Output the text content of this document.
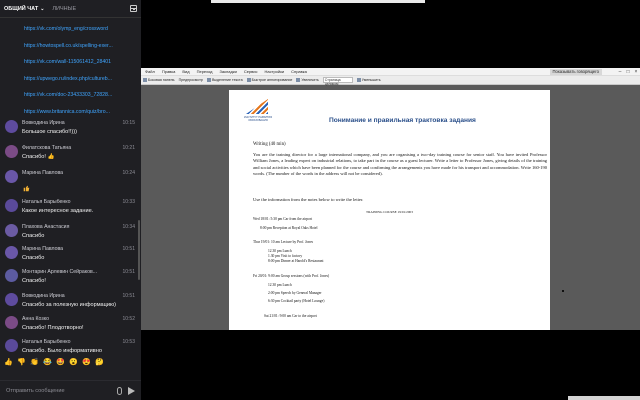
ОБЩИЙ ЧАТ ⌄ ЛИЧНЫЕ
https://vk.com/olymp_eng/crossword
https://howtospell.co.uk/spelling-exer...
https://vk.com/wall-115061412_28401
https://upwego.ru/index.php/cultureb...
https://vk.com/doc-23433303_72828...
https://www.britannica.com/quiz/bro...
Вовкодина Ирина	10:15
Большое спасибо!!)))
Филатскова Татьяна	10:21
Спасибо! 👍
Марина Павлова	10:24
Наталья Барыбенко	10:33
Какое интересное задание.
Плахова Анастасия	10:34
Спасибо
Марина Павлова	10:51
Спасибо
Монтарин Арлевин Сейраков...	10:51
Спасибо!
Вовкодина Ирина	10:51
Спасибо за полезную информацию)
Анна Козко	10:52
Спасибо! Плодотворно!
Наталья Барыбенко	10:53
Спасибо. Было информативно
👍 👎 👏 😂 🤩 😮 😍 🤔
Отправить сообщение
Файл Правка Вид Переход Закладки Сервис Настройки Справка	Показывать говорящего	–	□	×
Боковая панель Предпросмотр	Выделение текста	Быстрое аннотирование	Увеличить	Страница целиком
Уменьшить
ИНСТИТУТ РАЗВИТИЯ ОБРАЗОВАНИЯ	Понимание и правильная трактовка задания
Writing (40 min)
You are the training director for a large international company, and you are organising a two-day training course for senior staff. You have invited Professor William Jones, a leading expert on industrial relations, to take part in the course as a guest lecturer. Write a letter to Professor Jones, giving details of the training and social activities which have been planned for the course and confirming the arrangements you have made for his transport and accommodation. Write 160-190 words. (The number of the words in the address will not be considered).
Use the information from the notes below to write the letter.
TRAINING COURSE 19/01/2003
Wed 18/01: 5:30 pm Car from the airport
8:00 pm Reception at Royal Oaks Hotel
Thur 19/01: 10 am Lecture by Prof. Jones
12.30 pm Lunch
1.30 pm Visit to factory
8:00 pm Dinner at Harold's Restaurant
Fri 20/01: 9:00 am Group sessions (with Prof. Jones)
12.30 pm Lunch
2:00 pm Speech by General Manager
6:30 pm Cocktail party (Hotel Lounge)
Sat 21/01: 9:00 am Car to the airport
